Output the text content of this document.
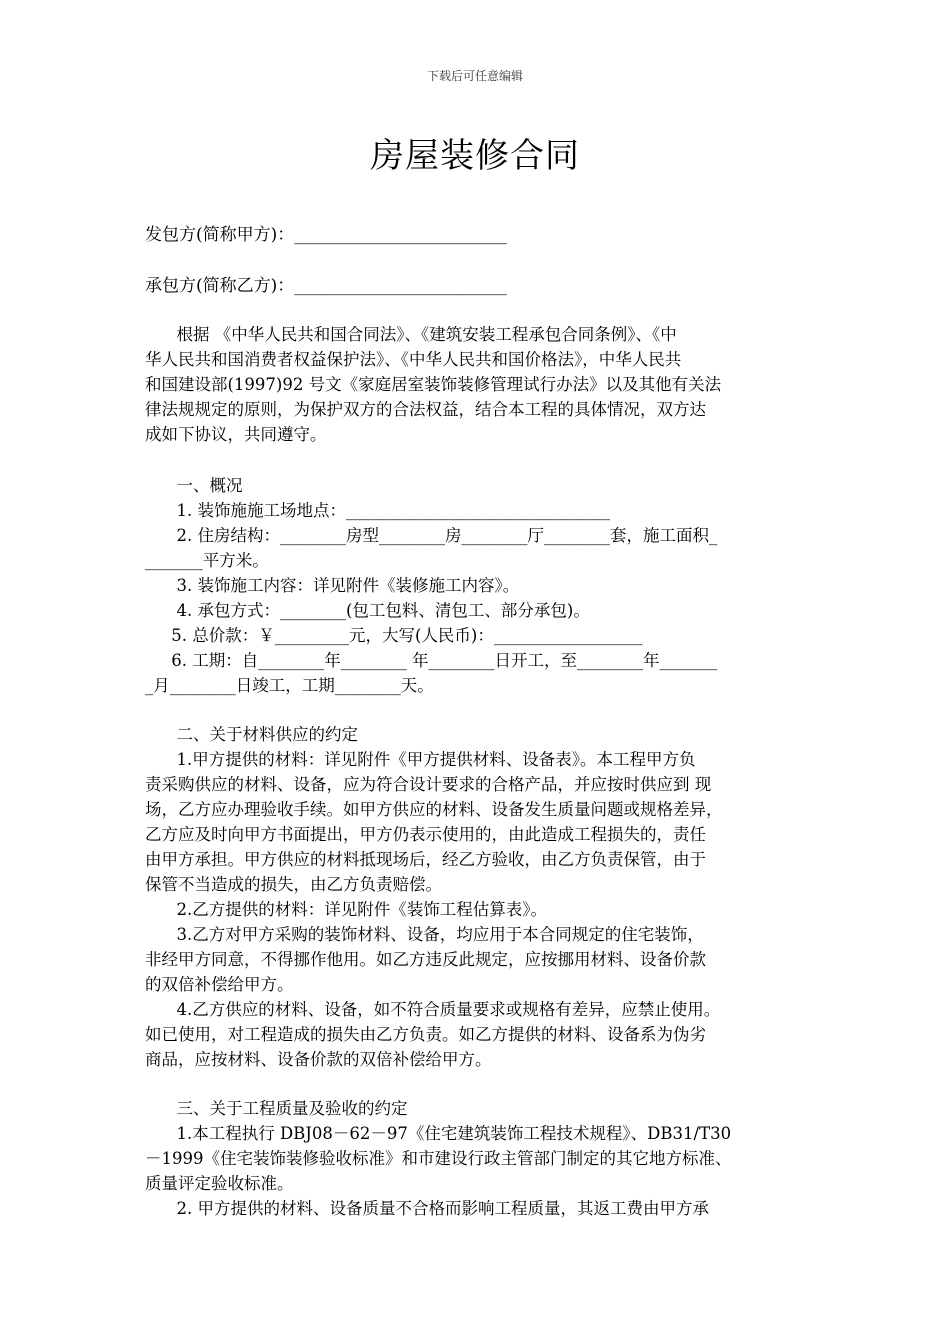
下载后可任意编辑
房屋装修合同
发包方(简称甲方)：_________________________
承包方(简称乙方)：_________________________
根据 《中华人民共和国合同法》、《建筑安装工程承包合同条例》、《中
华人民共和国消费者权益保护法》、《中华人民共和国价格法》，中华人民共
和国建设部(1997)92 号文《家庭居室装饰装修管理试行办法》以及其他有关法
律法规规定的原则，为保护双方的合法权益，结合本工程的具体情况，双方达
成如下协议，共同遵守。
一、概况
1. 装饰施施工场地点：________________________________
2. 住房结构：________房型________房________厅________套，施工面积_
_______平方米。
3. 装饰施工内容：详见附件《装修施工内容》。
4. 承包方式：________(包工包料、清包工、部分承包)。
5. 总价款：￥_________元，大写(人民币)：__________________
6. 工期：自________年________ 年________日开工，至________年_______
_月________日竣工，工期________天。
二、关于材料供应的约定
1.甲方提供的材料：详见附件《甲方提供材料、设备表》。本工程甲方负
责采购供应的材料、设备，应为符合设计要求的合格产品，并应按时供应到 现
场，乙方应办理验收手续。如甲方供应的材料、设备发生质量问题或规格差异，
乙方应及时向甲方书面提出，甲方仍表示使用的，由此造成工程损失的，责任
由甲方承担。甲方供应的材料抵现场后，经乙方验收，由乙方负责保管，由于
保管不当造成的损失，由乙方负责赔偿。
2.乙方提供的材料：详见附件《装饰工程估算表》。
3.乙方对甲方采购的装饰材料、设备，均应用于本合同规定的住宅装饰，
非经甲方同意，不得挪作他用。如乙方违反此规定，应按挪用材料、设备价款
的双倍补偿给甲方。
4.乙方供应的材料、设备，如不符合质量要求或规格有差异，应禁止使用。
如已使用，对工程造成的损失由乙方负责。如乙方提供的材料、设备系为伪劣
商品，应按材料、设备价款的双倍补偿给甲方。
三、关于工程质量及验收的约定
1.本工程执行 DBJ08－62－97《住宅建筑装饰工程技术规程》、DB31/T30
－1999《住宅装饰装修验收标准》和市建设行政主管部门制定的其它地方标准、
质量评定验收标准。
2. 甲方提供的材料、设备质量不合格而影响工程质量，其返工费由甲方承
